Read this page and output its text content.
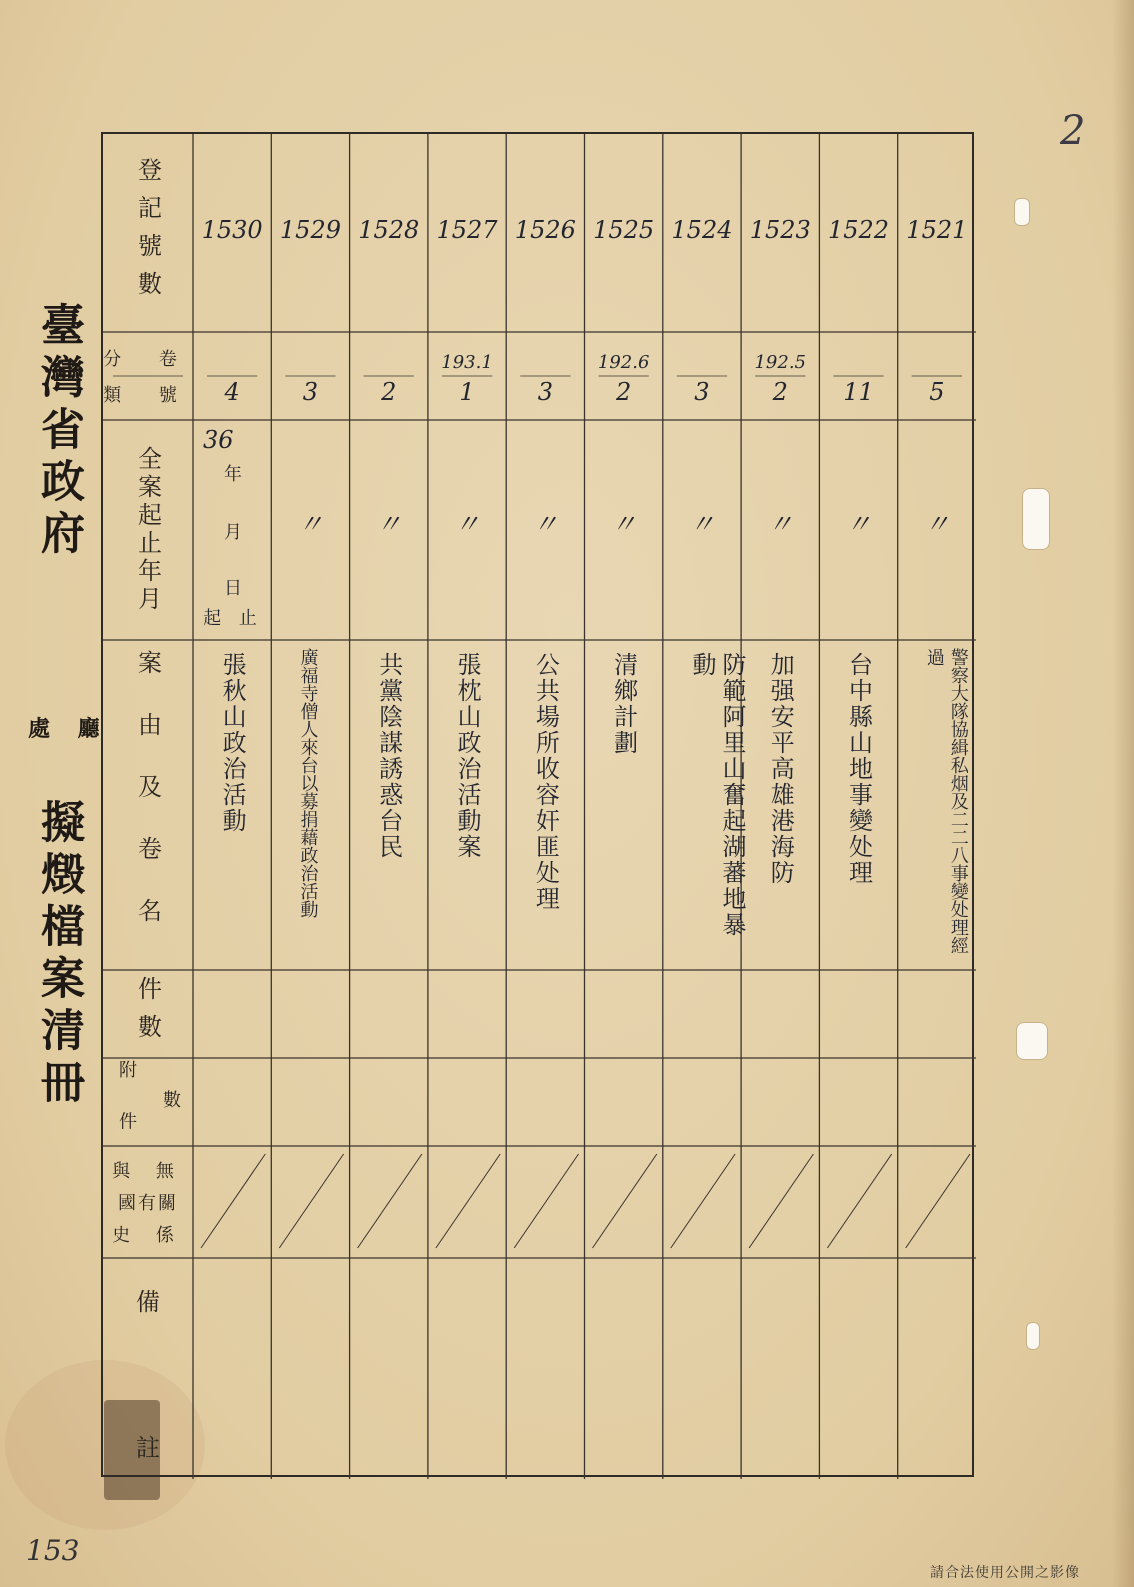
2
臺灣省政府
處 廳
擬燬檔案清冊
登記號數
分 卷
類 號
全案起止年月
案由及卷名
件數
附 件 數
與 無
國有關
史 係
備
註
年
月
日
起 止
1530
4
36
張秋山政治活動
1529
3
〃
廣福寺僧人來台以募捐藉政治活動
1528
2
〃
共黨陰謀誘惑台民
1527
193.1
1
〃
張枕山政治活動案
1526
3
〃
公共場所收容奸匪处理
1525
192.6
2
〃
清鄉計劃
1524
3
〃
防範阿里山奮起湖蕃地暴動
1523
192.5
2
〃
加强安平高雄港海防
1522
11
〃
台中縣山地事變处理
1521
5
〃
警察大隊協緝私烟及二二八事變处理經過
153
請合法使用公開之影像
